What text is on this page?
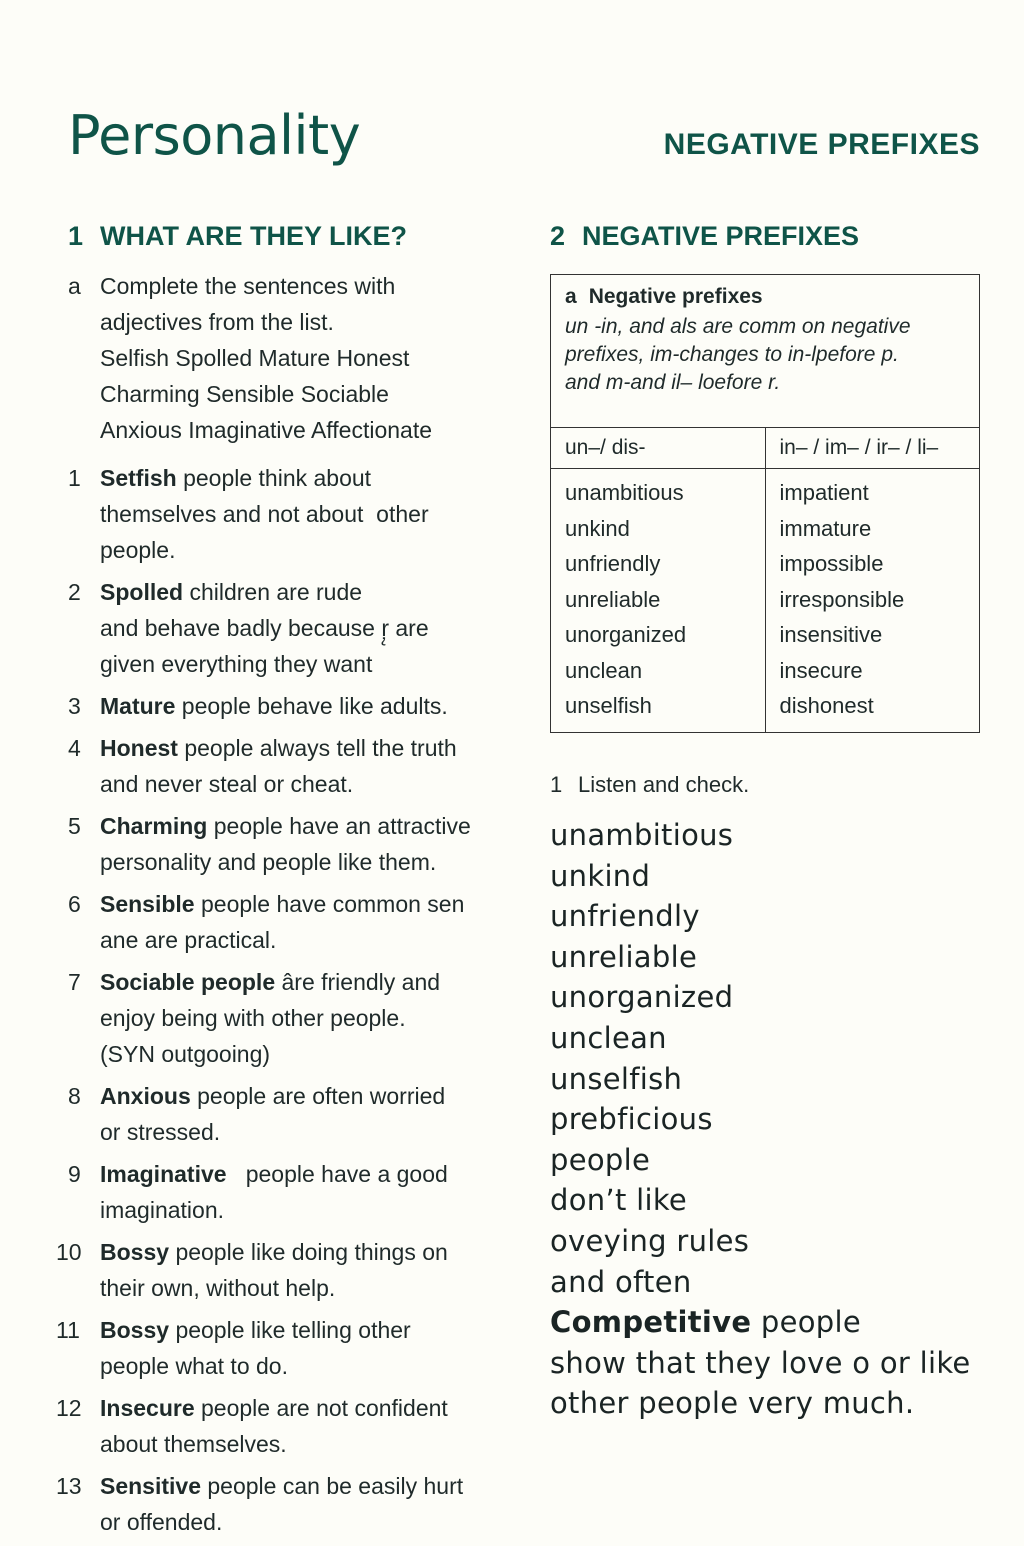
Personality	NEGATIVE PREFIXES
1 WHAT ARE THEY LIKE?	2 NEGATIVE PREFIXES
a Complete the sentences with
adjectives from the list.
Selfish Spolled Mature Honest
Charming Sensible Sociable
Anxious Imaginative Affectionate
1 Setfish people think about
themselves and not about  other
people.
2 Spolled children are rude
and behave badly because ŗ̨ are
given everything they want
3 Mature people behave like adults.
4 Honest people always tell the truth
and never steal or cheat.
5 Charming people have an attractive
personality and people like them.
6 Sensible people have common sen
ane are practical.
7 Sociable people âre friendly and
enjoy being with other people.
(SYN outgooing)
8 Anxious people are often worried
or stressed.
9 Imaginative   people have a good
imagination.
10 Bossy people like doing things on
their own, without help.
11 Bossy people like telling other
people what to do.
12 Insecure people are not confident
about themselves.
13 Sensitive people can be easily hurt
or offended.
a Negative prefixes
un -in, and als are comm on negative
prefixes, im-changes to in-lpefore p.
and m-and il– loefore r.
un–/ dis-
unambitious
unkind
unfriendly
unreliable
unorganized
unclean
unselfish
in– / im– / ir– / li–
impatient
immature
impossible
irresponsible
insensitive
insecure
dishonest
1 Listen and check.
unambitious
unkind
unfriendly
unreliable
unorganized
unclean
unselfish
prebficious
people
don’t like
oveying rules
and often
Competitive people
show that they love o or like
other people very much.
